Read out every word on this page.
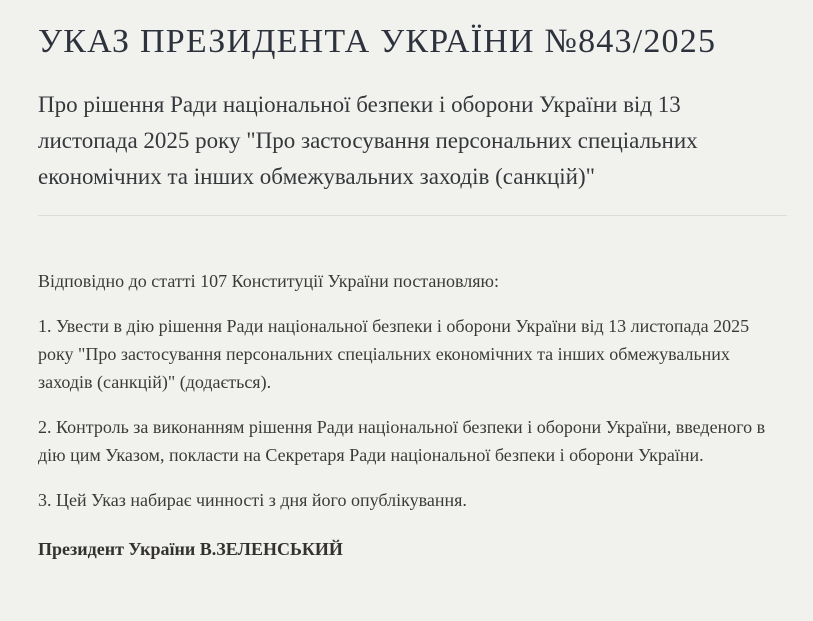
УКАЗ ПРЕЗИДЕНТА УКРАЇНИ №843/2025
Про рішення Ради національної безпеки і оборони України від 13 листопада 2025 року "Про застосування персональних спеціальних економічних та інших обмежувальних заходів (санкцій)"

Відповідно до статті 107 Конституції України постановляю:

1. Увести в дію рішення Ради національної безпеки і оборони України від 13 листопада 2025 року "Про застосування персональних спеціальних економічних та інших обмежувальних заходів (санкцій)" (додається).

2. Контроль за виконанням рішення Ради національної безпеки і оборони України, введеного в дію цим Указом, покласти на Секретаря Ради національної безпеки і оборони України.

3. Цей Указ набирає чинності з дня його опублікування.

Президент України В.ЗЕЛЕНСЬКИЙ
